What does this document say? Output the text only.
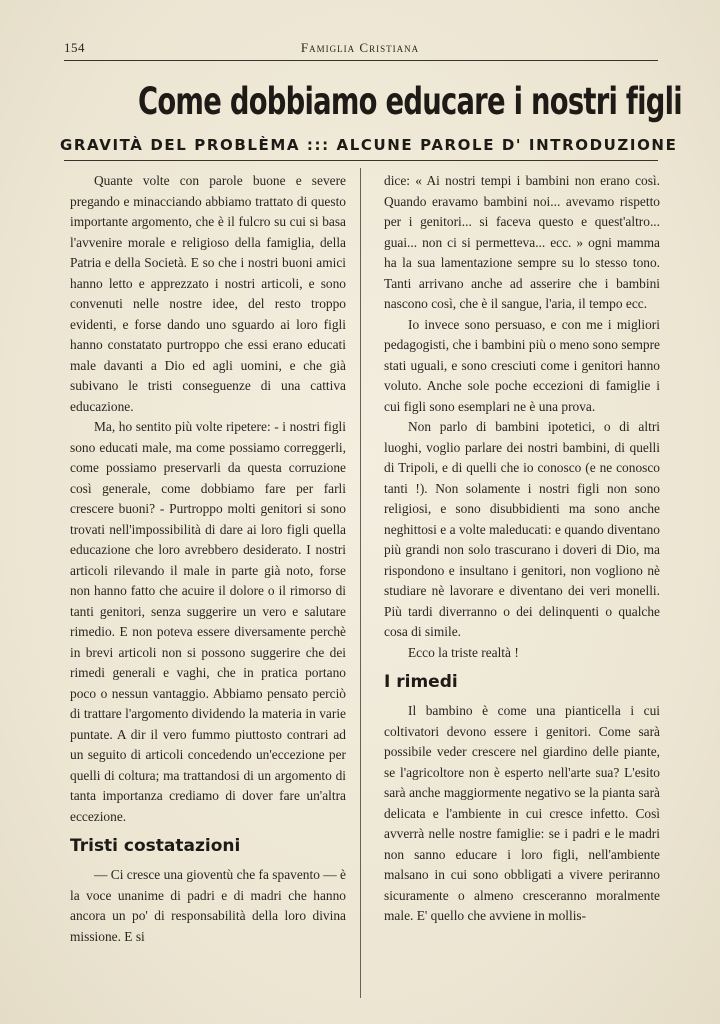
154	Famiglia Cristiana
Come dobbiamo educare i nostri figli
GRAVITÀ DEL PROBLÈMA ::: ALCUNE PAROLE D' INTRODUZIONE

Quante volte con parole buone e severe pregando e minacciando abbiamo trattato di questo importante argomento, che è il fulcro su cui si basa l'avvenire morale e religioso della famiglia, della Patria e della Società. E so che i nostri buoni amici hanno letto e apprezzato i nostri articoli, e sono convenuti nelle nostre idee, del resto troppo evidenti, e forse dando uno sguardo ai loro figli hanno constatato purtroppo che essi erano educati male davanti a Dio ed agli uomini, e che già subivano le tristi conseguenze di una cattiva educazione.

Ma, ho sentito più volte ripetere: - i nostri figli sono educati male, ma come possiamo correggerli, come possiamo preservarli da questa corruzione così generale, come dobbiamo fare per farli crescere buoni? - Purtroppo molti genitori si sono trovati nell'impossibilità di dare ai loro figli quella educazione che loro avrebbero desiderato. I nostri articoli rilevando il male in parte già noto, forse non hanno fatto che acuire il dolore o il rimorso di tanti genitori, senza suggerire un vero e salutare rimedio. E non poteva essere diversamente perchè in brevi articoli non si possono suggerire che dei rimedi generali e vaghi, che in pratica portano poco o nessun vantaggio. Abbiamo pensato perciò di trattare l'argomento dividendo la materia in varie puntate. A dir il vero fummo piuttosto contrari ad un seguito di articoli concedendo un'eccezione per quelli di coltura; ma trattandosi di un argomento di tanta importanza crediamo di dover fare un'altra eccezione.

Tristi costatazioni

— Ci cresce una gioventù che fa spavento — è la voce unanime di padri e di madri che hanno ancora un po' di responsabilità della loro divina missione. E si

dice: « Ai nostri tempi i bambini non erano così. Quando eravamo bambini noi... avevamo rispetto per i genitori... si faceva questo e quest'altro... guai... non ci si permetteva... ecc. » ogni mamma ha la sua lamentazione sempre su lo stesso tono. Tanti arrivano anche ad asserire che i bambini nascono così, che è il sangue, l'aria, il tempo ecc.

Io invece sono persuaso, e con me i migliori pedagogisti, che i bambini più o meno sono sempre stati uguali, e sono cresciuti come i genitori hanno voluto. Anche sole poche eccezioni di famiglie i cui figli sono esemplari ne è una prova.

Non parlo di bambini ipotetici, o di altri luoghi, voglio parlare dei nostri bambini, di quelli di Tripoli, e di quelli che io conosco (e ne conosco tanti !). Non solamente i nostri figli non sono religiosi, e sono disubbidienti ma sono anche neghittosi e a volte maleducati: e quando diventano più grandi non solo trascurano i doveri di Dio, ma rispondono e insultano i genitori, non vogliono nè studiare nè lavorare e diventano dei veri monelli. Più tardi diverranno o dei delinquenti o qualche cosa di simile.

Ecco la triste realtà !

I rimedi

Il bambino è come una pianticella i cui coltivatori devono essere i genitori. Come sarà possibile veder crescere nel giardino delle piante, se l'agricoltore non è esperto nell'arte sua? L'esito sarà anche maggiormente negativo se la pianta sarà delicata e l'ambiente in cui cresce infetto. Così avverrà nelle nostre famiglie: se i padri e le madri non sanno educare i loro figli, nell'ambiente malsano in cui sono obbligati a vivere periranno sicuramente o almeno cresceranno moralmente male. E' quello che avviene in mollis-
